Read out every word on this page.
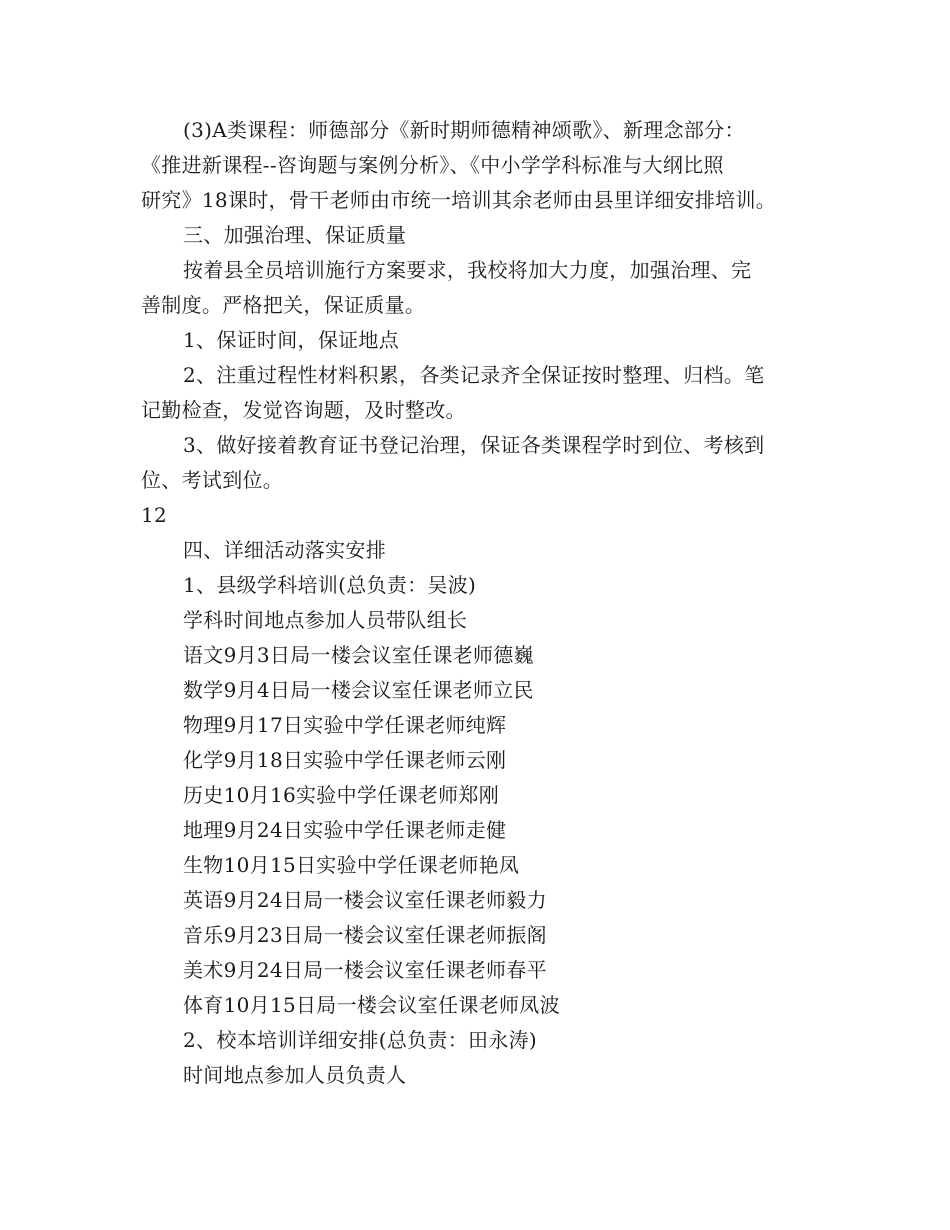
(3)A类课程：师德部分《新时期师德精神颂歌》、新理念部分：
《推进新课程--咨询题与案例分析》、《中小学学科标准与大纲比照
研究》18课时，骨干老师由市统一培训其余老师由县里详细安排培训。
三、加强治理、保证质量
按着县全员培训施行方案要求，我校将加大力度，加强治理、完
善制度。严格把关，保证质量。
1、保证时间，保证地点
2、注重过程性材料积累，各类记录齐全保证按时整理、归档。笔
记勤检查，发觉咨询题，及时整改。
3、做好接着教育证书登记治理，保证各类课程学时到位、考核到
位、考试到位。
12
四、详细活动落实安排
1、县级学科培训(总负责：吴波)
学科时间地点参加人员带队组长
语文9月3日局一楼会议室任课老师德巍
数学9月4日局一楼会议室任课老师立民
物理9月17日实验中学任课老师纯辉
化学9月18日实验中学任课老师云刚
历史10月16实验中学任课老师郑刚
地理9月24日实验中学任课老师走健
生物10月15日实验中学任课老师艳凤
英语9月24日局一楼会议室任课老师毅力
音乐9月23日局一楼会议室任课老师振阁
美术9月24日局一楼会议室任课老师春平
体育10月15日局一楼会议室任课老师凤波
2、校本培训详细安排(总负责：田永涛)
时间地点参加人员负责人
